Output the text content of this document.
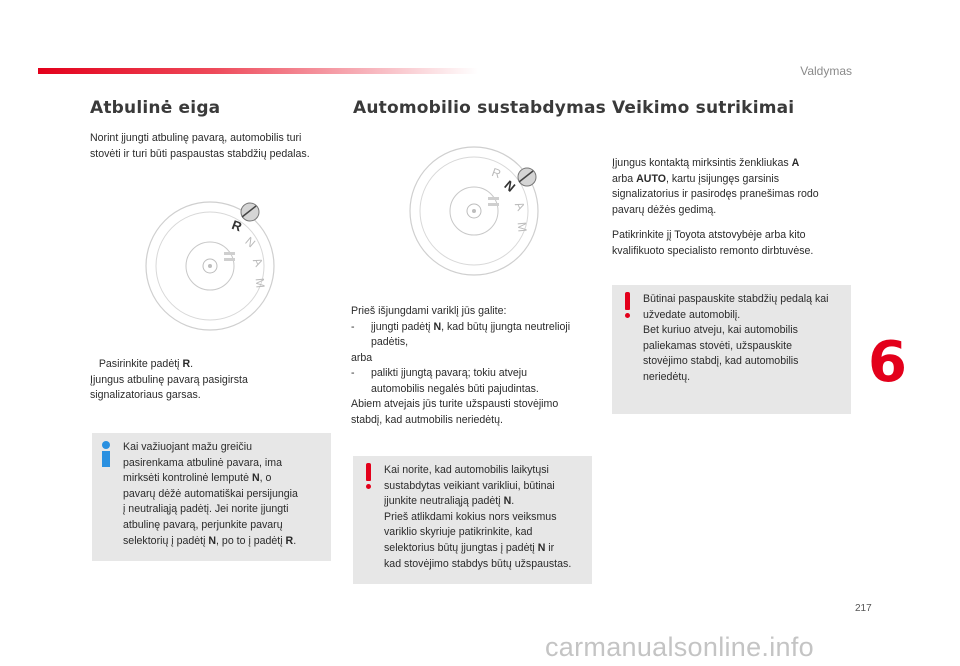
Valdymas
Atbulinė eiga
Norint įjungti atbulinę pavarą, automobilis turi
stovėti ir turi būti paspaustas stabdžių pedalas.
R
N
A
M
Pasirinkite padėtį R.
Įjungus atbulinę pavarą pasigirsta
signalizatoriaus garsas.
Kai važiuojant mažu greičiu
pasirenkama atbulinė pavara, ima
mirksėti kontrolinė lemputė N, o
pavarų dėžė automatiškai persijungia
į neutraliąją padėtį. Jei norite įjungti
atbulinę pavarą, perjunkite pavarų
selektorių į padėtį N, po to į padėtį R.
Automobilio sustabdymas
R
N
A
M
Prieš išjungdami variklį jūs galite:
- įjungti padėtį N, kad būtų įjungta neutrelioji
padėtis,
arba
- palikti įjungtą pavarą; tokiu atveju
automobilis negalės būti pajudintas.
Abiem atvejais jūs turite užspausti stovėjimo
stabdį, kad autmobilis neriedėtų.
Kai norite, kad automobilis laikytųsi
sustabdytas veikiant varikliui, būtinai
įjunkite neutraliąją padėtį N.
Prieš atlikdami kokius nors veiksmus
variklio skyriuje patikrinkite, kad
selektorius būtų įjungtas į padėtį N ir
kad stovėjimo stabdys būtų užspaustas.
Veikimo sutrikimai
Įjungus kontaktą mirksintis ženkliukas A
arba AUTO, kartu įsijungęs garsinis
signalizatorius ir pasirodęs pranešimas rodo
pavarų dėžės gedimą.
Patikrinkite jį Toyota atstovybėje arba kito
kvalifikuoto specialisto remonto dirbtuvėse.
Būtinai paspauskite stabdžių pedalą kai
užvedate automobilį.
Bet kuriuo atveju, kai automobilis
paliekamas stovėti, užspauskite
stovėjimo stabdį, kad automobilis
neriedėtų.	6
217
carmanualsonline.info
